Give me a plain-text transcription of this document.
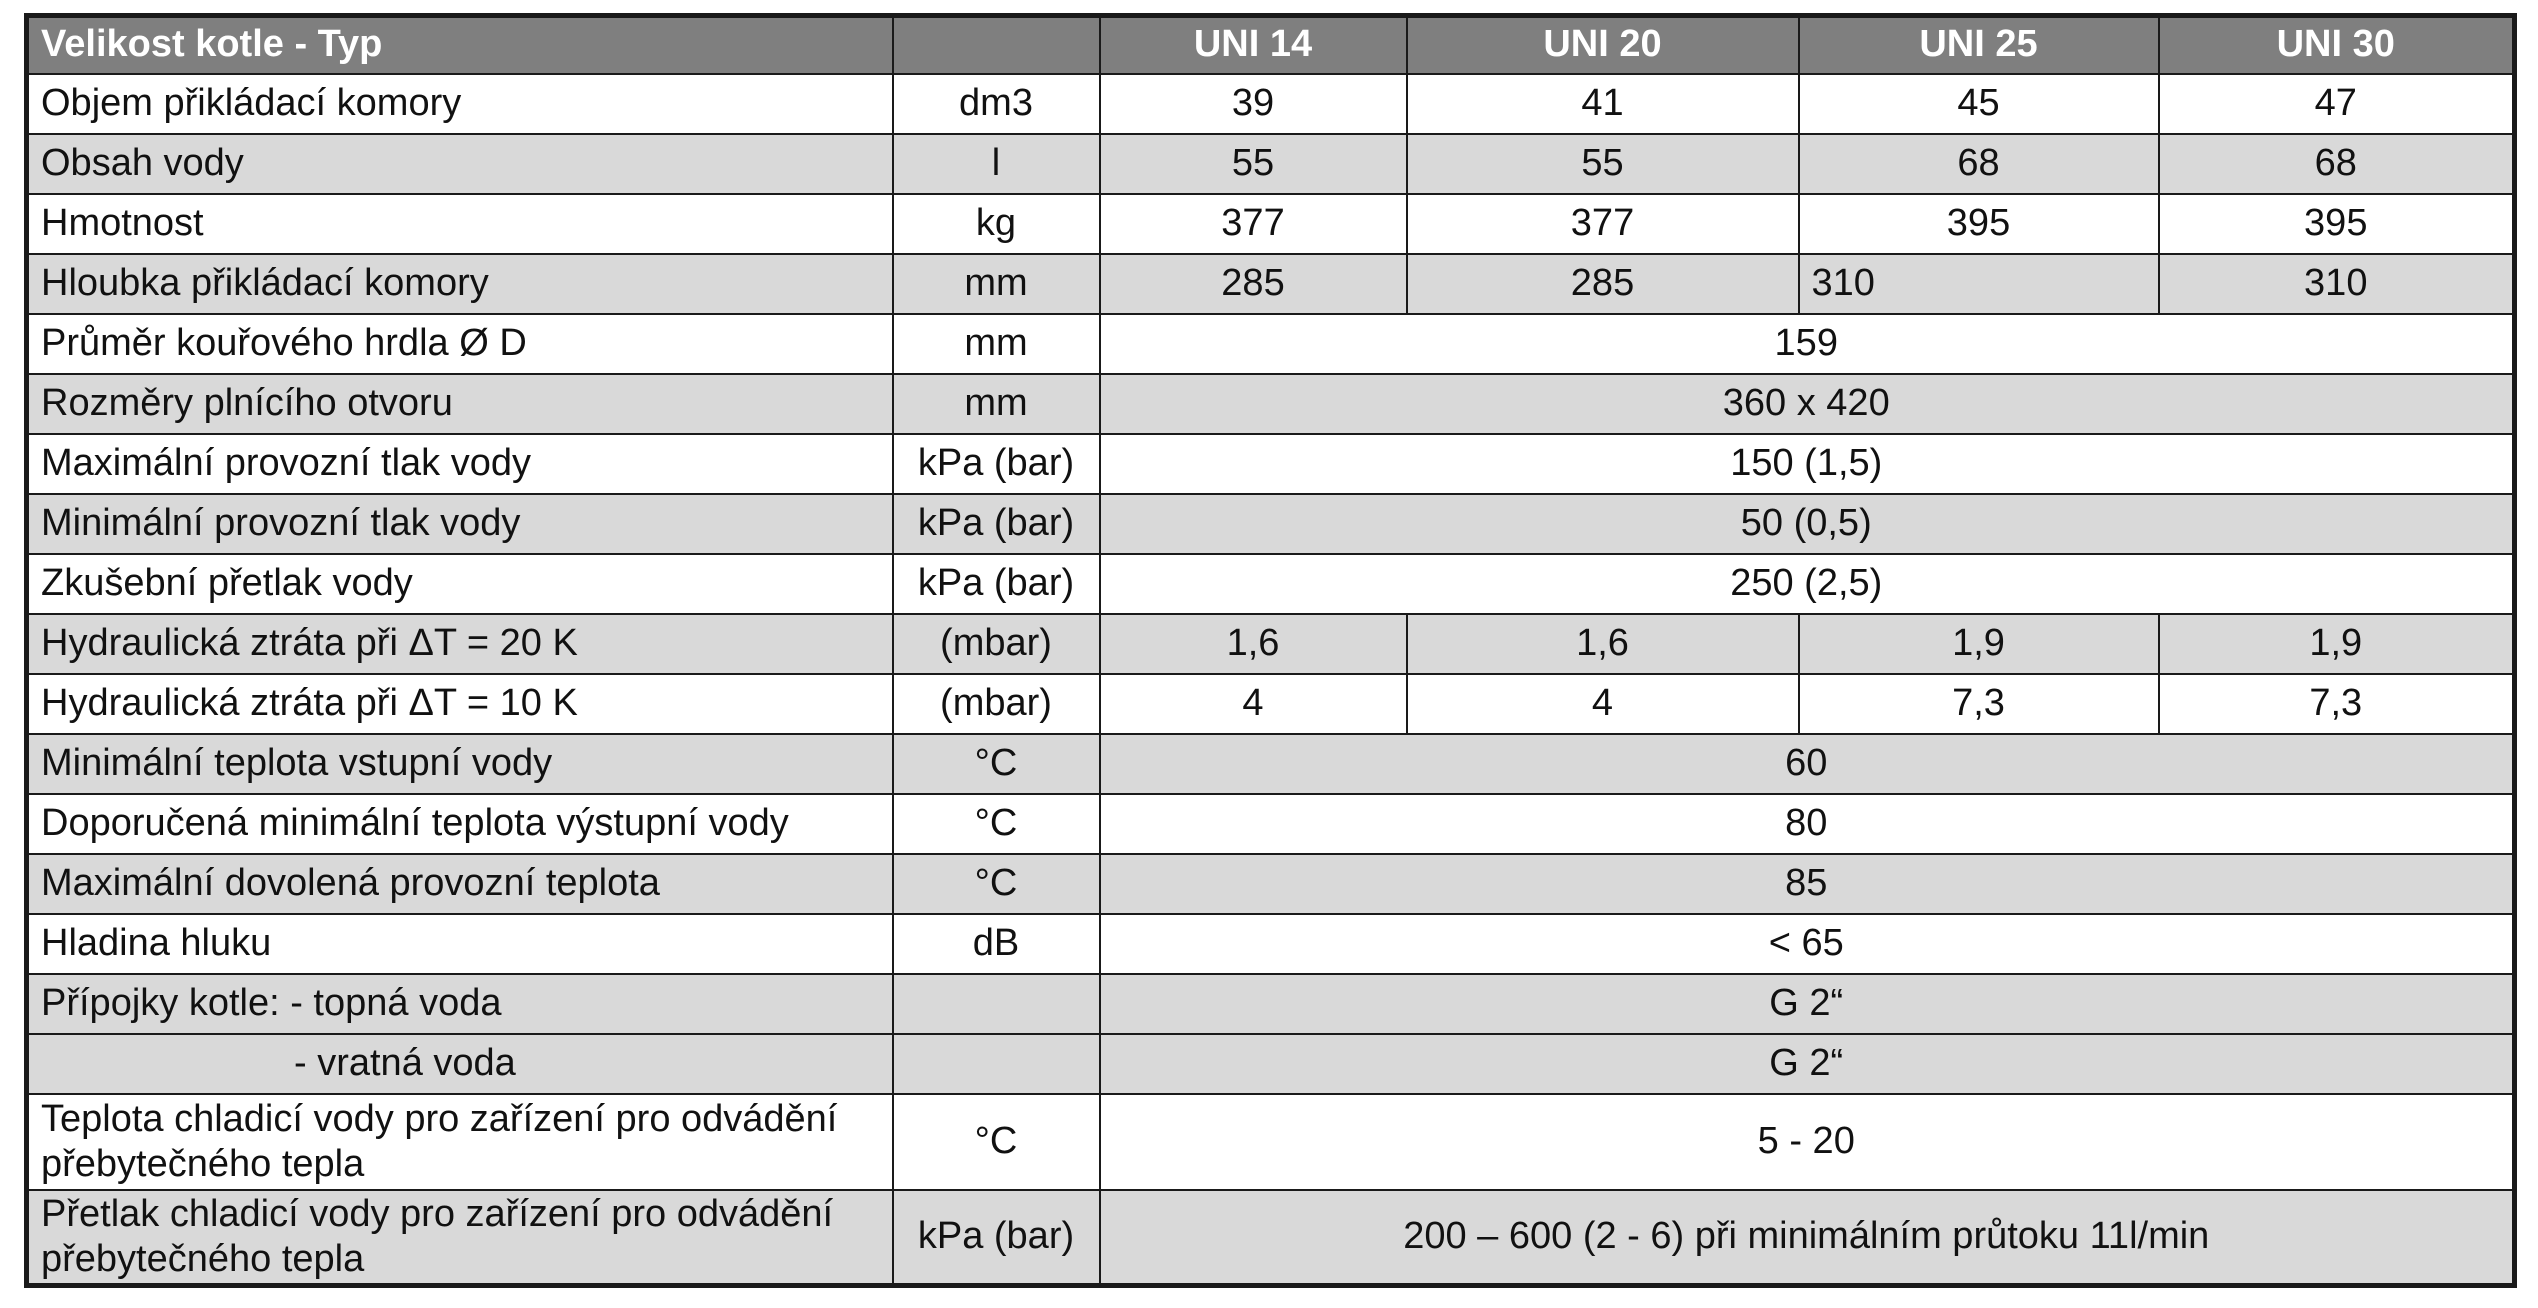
Velikost kotle - Typ		UNI 14	UNI 20	UNI 25	UNI 30
Objem přikládací komory	dm3	39	41	45	47
Obsah vody	l	55	55	68	68
Hmotnost	kg	377	377	395	395
Hloubka přikládací komory	mm	285	285	310	310
Průměr kouřového hrdla Ø D	mm	159			
Rozměry plnícího otvoru	mm	360 x 420			
Maximální provozní tlak vody	kPa (bar)	150 (1,5)			
Minimální provozní tlak vody	kPa (bar)	50 (0,5)			
Zkušební přetlak vody	kPa (bar)	250 (2,5)			
Hydraulická ztráta při ΔT = 20 K	(mbar)	1,6	1,6	1,9	1,9
Hydraulická ztráta při ΔT = 10 K	(mbar)	4	4	7,3	7,3
Minimální teplota vstupní vody	°C	60			
Doporučená minimální teplota výstupní vody	°C	80			
Maximální dovolená provozní teplota	°C	85			
Hladina hluku	dB	< 65			
Přípojky kotle: - topná voda		G 2“			
- vratná voda		G 2“			
Teplota chladicí vody pro zařízení pro odvádění přebytečného tepla	°C	5 - 20			
Přetlak chladicí vody pro zařízení pro odvádění přebytečného tepla	kPa (bar)	200 – 600 (2 - 6) při minimálním průtoku 11l/min			
